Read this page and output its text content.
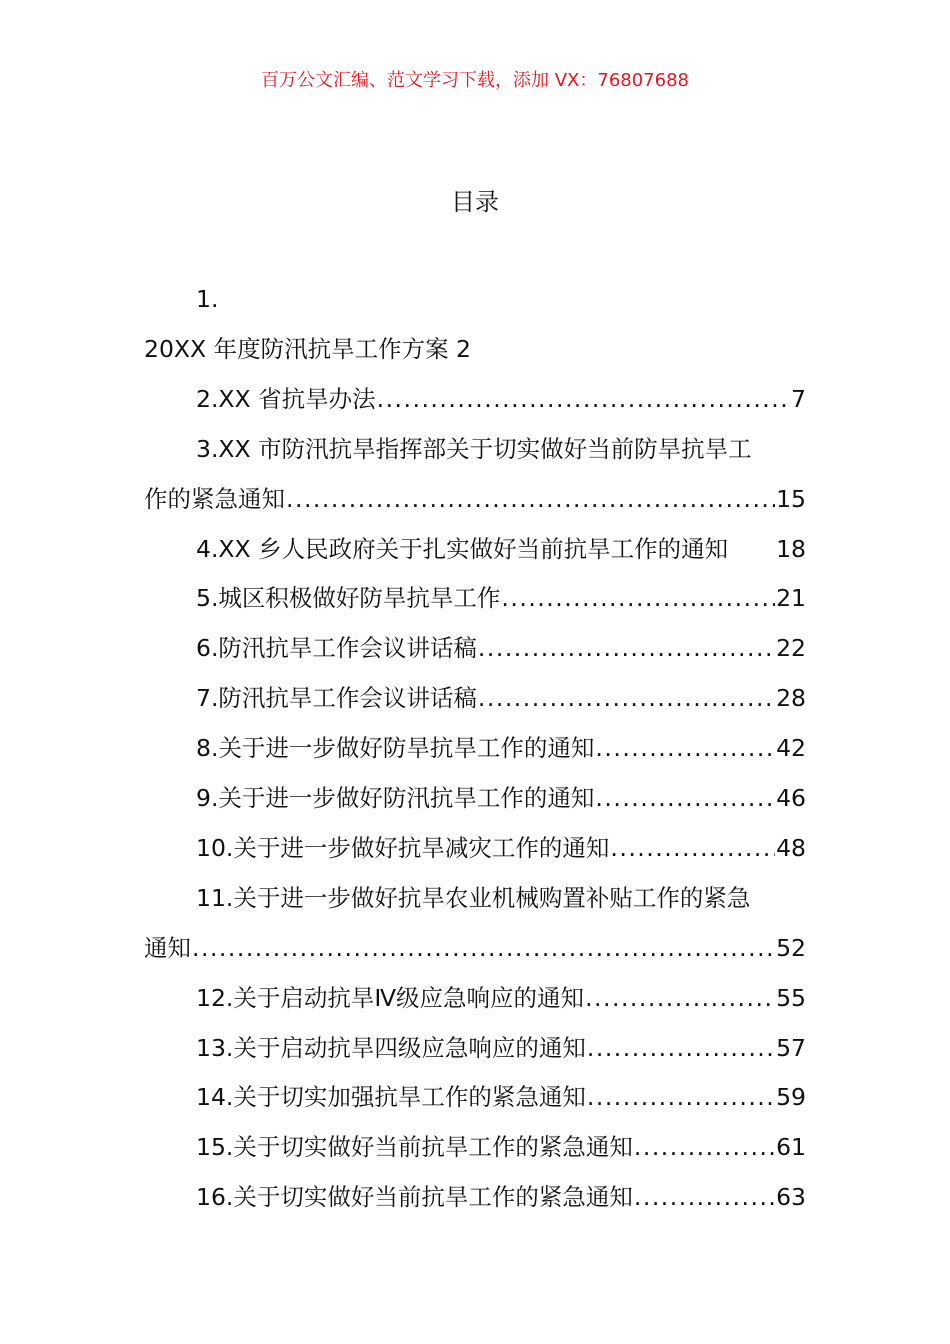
百万公文汇编、范文学习下载，添加 VX：76807688
目录
1.
20XX 年度防汛抗旱工作方案 2
2.XX 省抗旱办法 .....	7
3.XX 市防汛抗旱指挥部关于切实做好当前防旱抗旱工
作的紧急通知 .....	15
4.XX 乡人民政府关于扎实做好当前抗旱工作的通知 18
5.城区积极做好防旱抗旱工作 .....	21
6.防汛抗旱工作会议讲话稿 .....	22
7.防汛抗旱工作会议讲话稿 .....	28
8.关于进一步做好防旱抗旱工作的通知 .....	42
9.关于进一步做好防汛抗旱工作的通知 .....	46
10.关于进一步做好抗旱减灾工作的通知 .....	48
11.关于进一步做好抗旱农业机械购置补贴工作的紧急
通知 .....	52
12.关于启动抗旱Ⅳ级应急响应的通知 .....	55
13.关于启动抗旱四级应急响应的通知 .....	57
14.关于切实加强抗旱工作的紧急通知 .....	59
15.关于切实做好当前抗旱工作的紧急通知 .....	61
16.关于切实做好当前抗旱工作的紧急通知 .....	63
